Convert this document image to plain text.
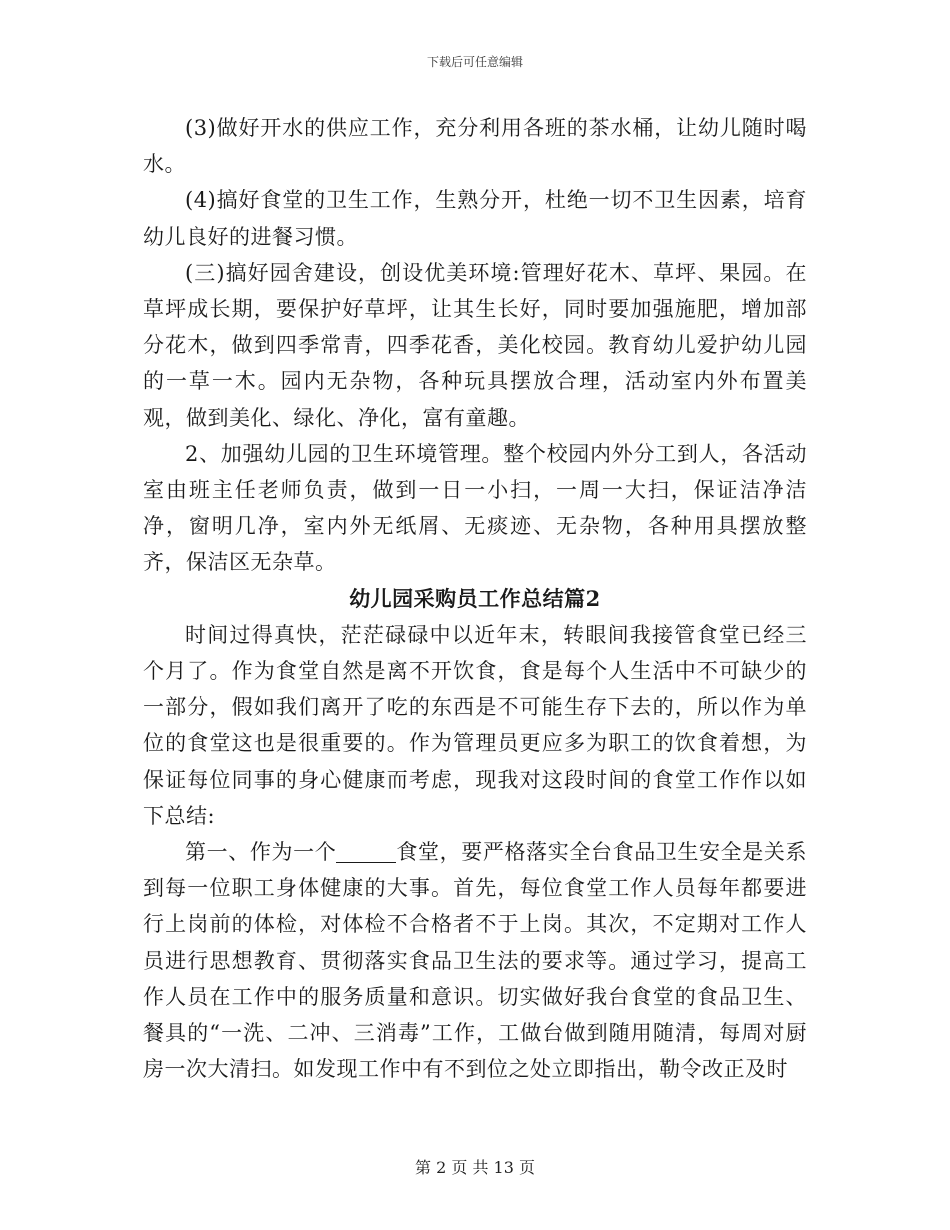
下载后可任意编辑

(3)做好开水的供应工作，充分利用各班的茶水桶，让幼儿随时喝水。

(4)搞好食堂的卫生工作，生熟分开，杜绝一切不卫生因素，培育幼儿良好的进餐习惯。

(三)搞好园舍建设，创设优美环境:管理好花木、草坪、果园。在草坪成长期，要保护好草坪，让其生长好，同时要加强施肥，增加部分花木，做到四季常青，四季花香，美化校园。教育幼儿爱护幼儿园的一草一木。园内无杂物，各种玩具摆放合理，活动室内外布置美观，做到美化、绿化、净化，富有童趣。

2、加强幼儿园的卫生环境管理。整个校园内外分工到人，各活动室由班主任老师负责，做到一日一小扫，一周一大扫，保证洁净洁净，窗明几净，室内外无纸屑、无痰迹、无杂物，各种用具摆放整齐，保洁区无杂草。

幼儿园采购员工作总结篇2

时间过得真快，茫茫碌碌中以近年末，转眼间我接管食堂已经三个月了。作为食堂自然是离不开饮食，食是每个人生活中不可缺少的一部分，假如我们离开了吃的东西是不可能生存下去的，所以作为单位的食堂这也是很重要的。作为管理员更应多为职工的饮食着想，为保证每位同事的身心健康而考虑，现我对这段时间的食堂工作作以如下总结:

第一、作为一个	食堂，要严格落实全台食品卫生安全是关系到每一位职工身体健康的大事。首先，每位食堂工作人员每年都要进行上岗前的体检，对体检不合格者不于上岗。其次，不定期对工作人员进行思想教育、贯彻落实食品卫生法的要求等。通过学习，提高工作人员在工作中的服务质量和意识。切实做好我台食堂的食品卫生、餐具的“一洗、二冲、三消毒”工作，工做台做到随用随清，每周对厨房一次大清扫。如发现工作中有不到位之处立即指出，勒令改正及时

第 2 页 共 13 页
